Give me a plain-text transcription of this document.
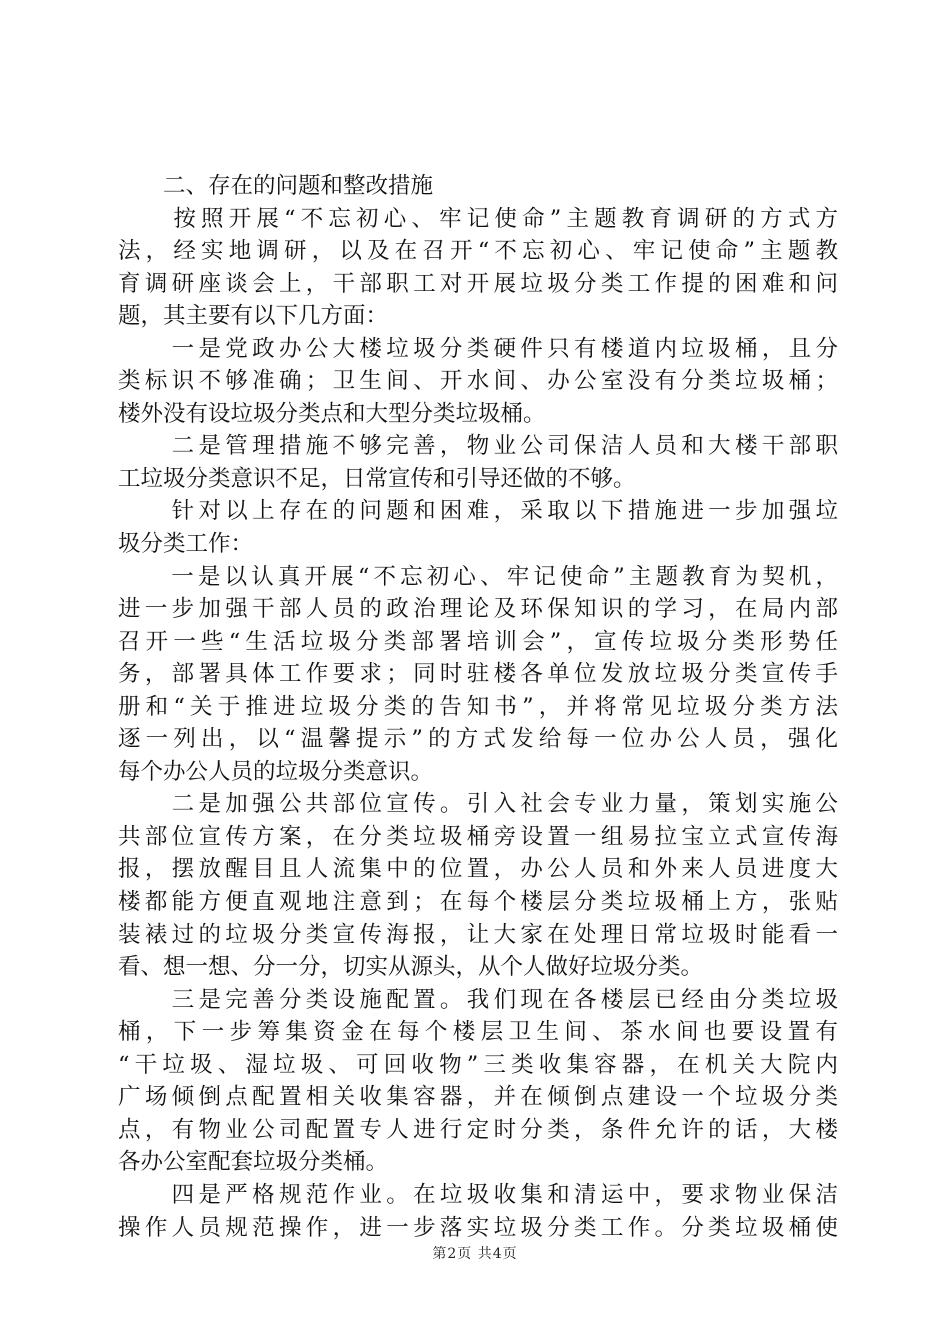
　　二、存在的问题和整改措施
　　按照开展“不忘初心、牢记使命”主题教育调研的方式方
法，经实地调研，以及在召开“不忘初心、牢记使命”主题教
育调研座谈会上，干部职工对开展垃圾分类工作提的困难和问
题，其主要有以下几方面：
　　一是党政办公大楼垃圾分类硬件只有楼道内垃圾桶，且分
类标识不够准确；卫生间、开水间、办公室没有分类垃圾桶；
楼外没有设垃圾分类点和大型分类垃圾桶。
　　二是管理措施不够完善，物业公司保洁人员和大楼干部职
工垃圾分类意识不足，日常宣传和引导还做的不够。
　　针对以上存在的问题和困难，采取以下措施进一步加强垃
圾分类工作：
　　一是以认真开展“不忘初心、牢记使命”主题教育为契机，
进一步加强干部人员的政治理论及环保知识的学习，在局内部
召开一些“生活垃圾分类部署培训会”，宣传垃圾分类形势任
务，部署具体工作要求；同时驻楼各单位发放垃圾分类宣传手
册和“关于推进垃圾分类的告知书”，并将常见垃圾分类方法
逐一列出，以“温馨提示”的方式发给每一位办公人员，强化
每个办公人员的垃圾分类意识。
　　二是加强公共部位宣传。引入社会专业力量，策划实施公
共部位宣传方案，在分类垃圾桶旁设置一组易拉宝立式宣传海
报，摆放醒目且人流集中的位置，办公人员和外来人员进度大
楼都能方便直观地注意到；在每个楼层分类垃圾桶上方，张贴
装裱过的垃圾分类宣传海报，让大家在处理日常垃圾时能看一
看、想一想、分一分，切实从源头，从个人做好垃圾分类。
　　三是完善分类设施配置。我们现在各楼层已经由分类垃圾
桶，下一步筹集资金在每个楼层卫生间、茶水间也要设置有
“干垃圾、湿垃圾、可回收物”三类收集容器，在机关大院内
广场倾倒点配置相关收集容器，并在倾倒点建设一个垃圾分类
点，有物业公司配置专人进行定时分类，条件允许的话，大楼
各办公室配套垃圾分类桶。
　　四是严格规范作业。在垃圾收集和清运中，要求物业保洁
操作人员规范操作，进一步落实垃圾分类工作。分类垃圾桶使
第2页 共4页
